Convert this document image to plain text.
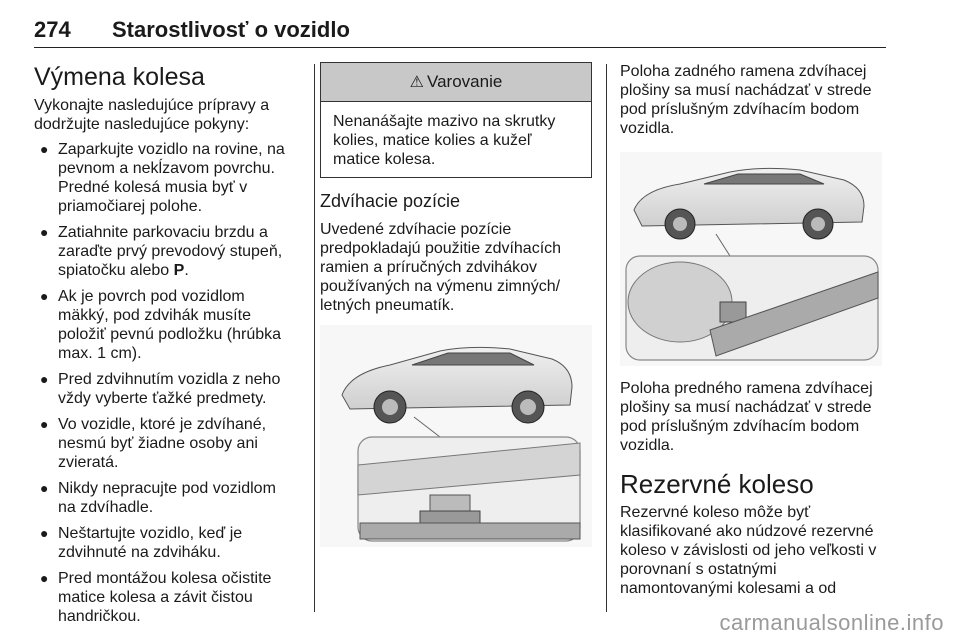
274	Starostlivosť o vozidlo
Výmena kolesa

Vykonajte nasledujúce prípravy a
dodržujte nasledujúce pokyny:

● Zaparkujte vozidlo na rovine, na
pevnom a nekĺzavom povrchu.
Predné kolesá musia byť v
priamočiarej polohe.
● Zatiahnite parkovaciu brzdu a
zaraďte prvý prevodový stupeň,
spiatočku alebo P.
● Ak je povrch pod vozidlom
mäkký, pod zdvihák musíte
položiť pevnú podložku (hrúbka
max. 1 cm).
● Pred zdvihnutím vozidla z neho
vždy vyberte ťažké predmety.
● Vo vozidle, ktoré je zdvíhané,
nesmú byť žiadne osoby ani
zvieratá.
● Nikdy nepracujte pod vozidlom
na zdvíhadle.
● Neštartujte vozidlo, keď je
zdvihnuté na zdviháku.
● Pred montážou kolesa očistite
matice kolesa a závit čistou
handričkou.
⚠ Varovanie
Nenanášajte mazivo na skrutky
kolies, matice kolies a kužeľ
matice kolesa.
Zdvíhacie pozície

Uvedené zdvíhacie pozície
predpokladajú použitie zdvíhacích
ramien a príručných zdvihákov
používaných na výmenu zimných/
letných pneumatík.

Poloha zadného ramena zdvíhacej
plošiny sa musí nachádzať v strede
pod príslušným zdvíhacím bodom
vozidla.

Poloha predného ramena zdvíhacej
plošiny sa musí nachádzať v strede
pod príslušným zdvíhacím bodom
vozidla.

Rezervné koleso

Rezervné koleso môže byť
klasifikované ako núdzové rezervné
koleso v závislosti od jeho veľkosti v
porovnaní s ostatnými
namontovanými kolesami a od

carmanualsonline.info
